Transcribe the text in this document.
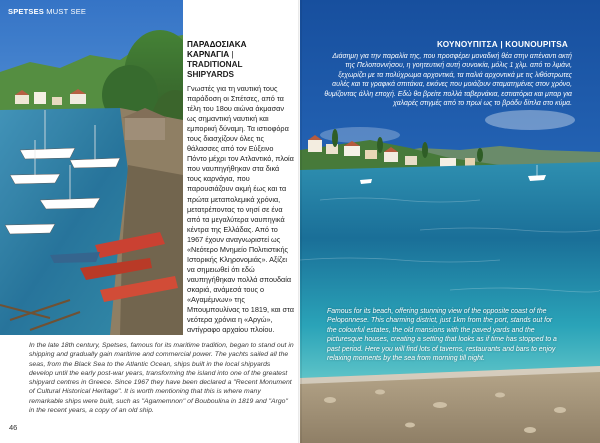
SPETSES MUST SEE
ΠΑΡΑΔΟΣΙΑΚΑ
ΚΑΡΝΑΓΙΑ |
TRADITIONAL
SHIPYARDS

Γνωστές για τη ναυτική τους παράδοση οι Σπέτσες, από τα τέλη του 18ου αιώνα άκμασαν ως σημαντική ναυτική και εμπορική δύναμη. Τα ιστιοφόρα τους διασχίζουν όλες τις θάλασσες από τον Εύξεινο Πόντο μέχρι τον Ατλαντικό, πλοία που ναυπηγήθηκαν στα δικά τους καρνάγια, που παρουσιάζουν ακμή έως και τα πρώτα μεταπολεμικά χρόνια, μετατρέποντας το νησί σε ένα από τα μεγαλύτερα ναυπηγικά κέντρα της Ελλάδας. Από το 1967 έχουν αναγνωριστεί ως «Νεότερο Μνημείο Πολιτιστικής Ιστορικής Κληρονομιάς». Αξίζει να σημειωθεί ότι εδώ ναυπηγήθηκαν πολλά σπουδαία σκαριά, ανάμεσά τους ο «Αγαμέμνων» της Μπουμπουλίνας το 1819, και στα νεότερα χρόνια η «Αργώ», αντίγραφο αρχαίου πλοίου.

In the late 18th century, Spetses, famous for its maritime tradition, began to stand out in shipping and gradually gain maritime and commercial power. The yachts sailed all the seas, from the Black Sea to the Atlantic Ocean, ships built in the local shipyards develop until the early post-war years, transforming the island into one of the greatest shipyard centres in Greece. Since 1967 they have been declared a "Recent Monument of Cultural Historical Heritage". It is worth mentioning that this is where many remarkable ships were built, such as "Agamemnon" of Bouboulina in 1819 and "Argo" in the recent years, a copy of an old ship.

46
ΚΟΥΝΟΥΠΙΤΣΑ | KOUNOUPITSA

Διάσημη για την παραλία της, που προσφέρει μοναδική θέα στην απέναντι ακτή της Πελοποννήσου, η γοητευτική αυτή συνοικία, μόλις 1 χλμ. από το λιμάνι, ξεχωρίζει με τα πολύχρωμα αρχοντικά, τα παλιά αρχοντικά με τις λιθόστρωτες αυλές και τα γραφικά σπιτάκια, εικόνες που μοιάζουν σταματημένες στον χρόνο, θυμίζοντας άλλη εποχή. Εδώ θα βρείτε πολλά ταβερνάκια, εστιατόρια και μπαρ για χαλαρές στιγμές από το πρωί ως το βράδυ δίπλα στο κύμα.

Famous for its beach, offering stunning view of the opposite coast of the Peloponnese. This charming district, just 1km from the port, stands out for the colourful estates, the old mansions with the paved yards and the picturesque houses, creating a setting that looks as if time has stopped to a past period. Here you will find lots of taverns, restaurants and bars to enjoy relaxing moments by the sea from morning till night.
